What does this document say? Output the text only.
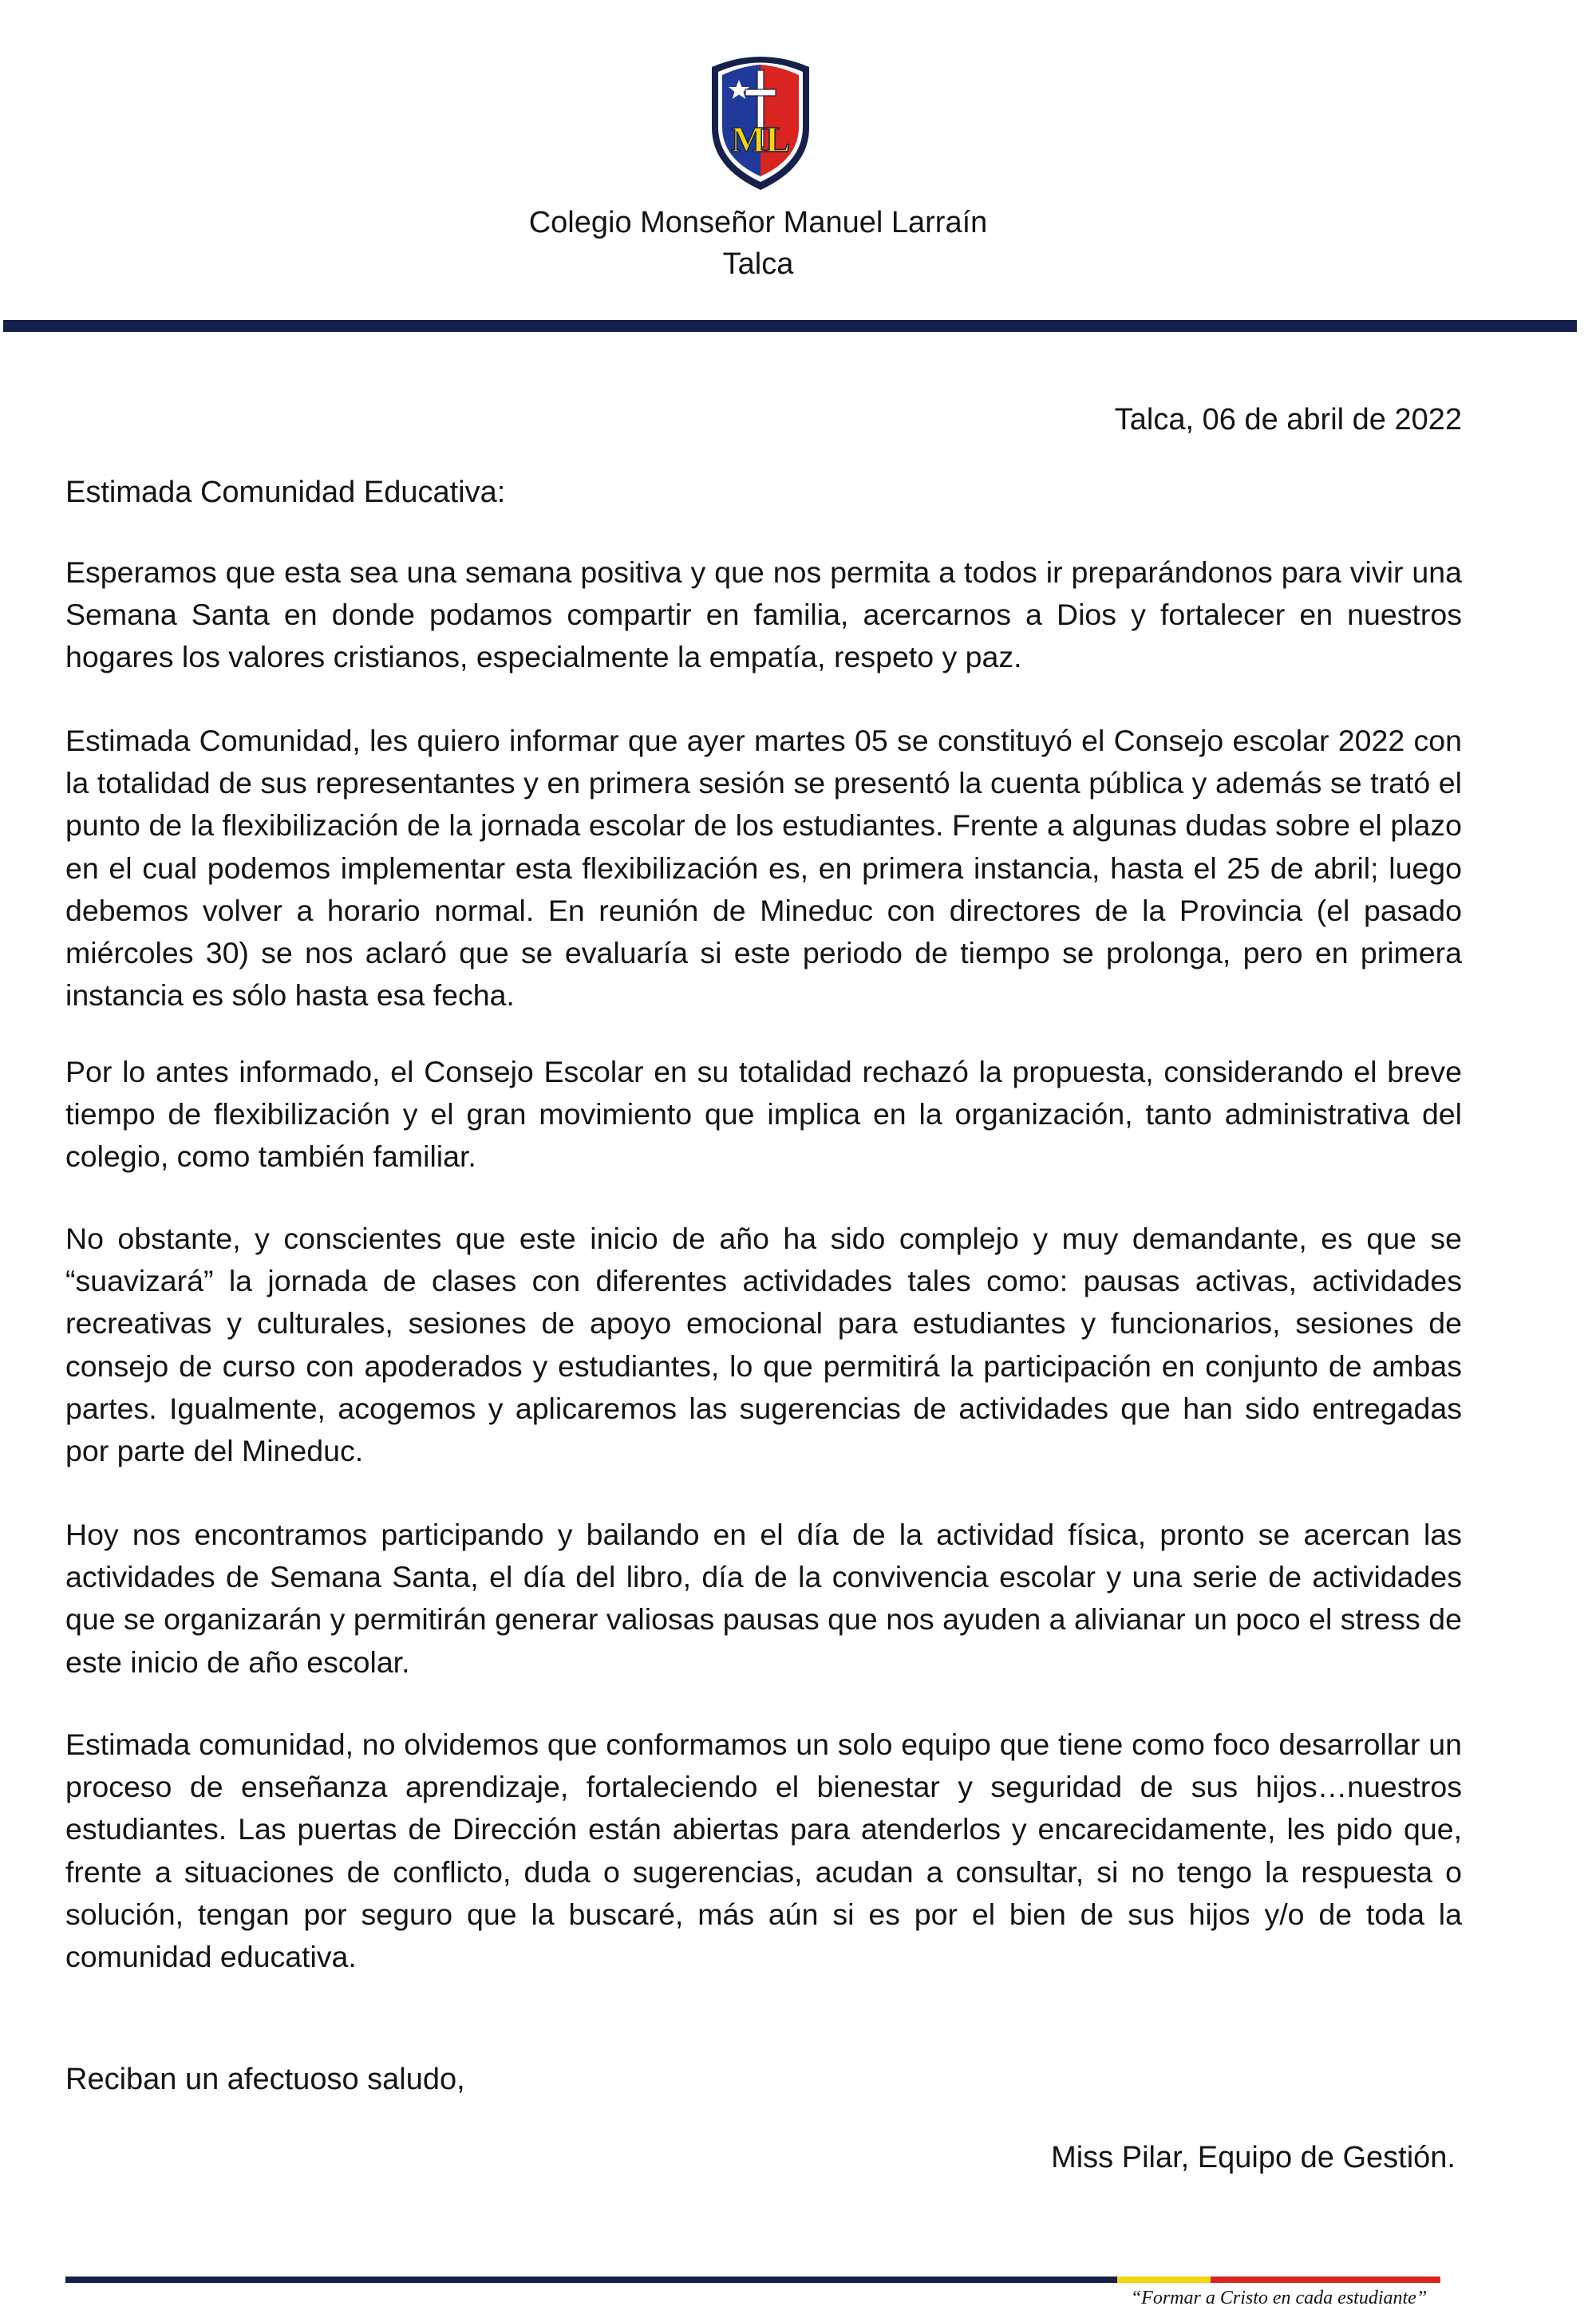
ML
Colegio Monseñor Manuel Larraín
Talca
Talca, 06 de abril de 2022
Estimada Comunidad Educativa:

Esperamos que esta sea una semana positiva y que nos permita a todos ir preparándonos para vivir una Semana Santa en donde podamos compartir en familia, acercarnos a Dios y fortalecer en nuestros hogares los valores cristianos, especialmente la empatía, respeto y paz.

Estimada Comunidad, les quiero informar que ayer martes 05 se constituyó el Consejo escolar 2022 con la totalidad de sus representantes y en primera sesión se presentó la cuenta pública y además se trató el punto de la flexibilización de la jornada escolar de los estudiantes. Frente a algunas dudas sobre el plazo en el cual podemos implementar esta flexibilización es, en primera instancia, hasta el 25 de abril; luego debemos volver a horario normal. En reunión de Mineduc con directores de la Provincia (el pasado miércoles 30) se nos aclaró que se evaluaría si este periodo de tiempo se prolonga, pero en primera instancia es sólo hasta esa fecha.

Por lo antes informado, el Consejo Escolar en su totalidad rechazó la propuesta, considerando el breve tiempo de flexibilización y el gran movimiento que implica en la organización, tanto administrativa del colegio, como también familiar.

No obstante, y conscientes que este inicio de año ha sido complejo y muy demandante, es que se “suavizará” la jornada de clases con diferentes actividades tales como: pausas activas, actividades recreativas y culturales, sesiones de apoyo emocional para estudiantes y funcionarios, sesiones de consejo de curso con apoderados y estudiantes, lo que permitirá la participación en conjunto de ambas partes. Igualmente, acogemos y aplicaremos las sugerencias de actividades que han sido entregadas por parte del Mineduc.

Hoy nos encontramos participando y bailando en el día de la actividad física, pronto se acercan las actividades de Semana Santa, el día del libro, día de la convivencia escolar y una serie de actividades que se organizarán y permitirán generar valiosas pausas que nos ayuden a alivianar un poco el stress de este inicio de año escolar.

Estimada comunidad, no olvidemos que conformamos un solo equipo que tiene como foco desarrollar un proceso de enseñanza aprendizaje, fortaleciendo el bienestar y seguridad de sus hijos…nuestros estudiantes. Las puertas de Dirección están abiertas para atenderlos y encarecidamente, les pido que, frente a situaciones de conflicto, duda o sugerencias, acudan a consultar, si no tengo la respuesta o solución, tengan por seguro que la buscaré, más aún si es por el bien de sus hijos y/o de toda la comunidad educativa.

Reciban un afectuoso saludo,
Miss Pilar, Equipo de Gestión.
“Formar a Cristo en cada estudiante”
